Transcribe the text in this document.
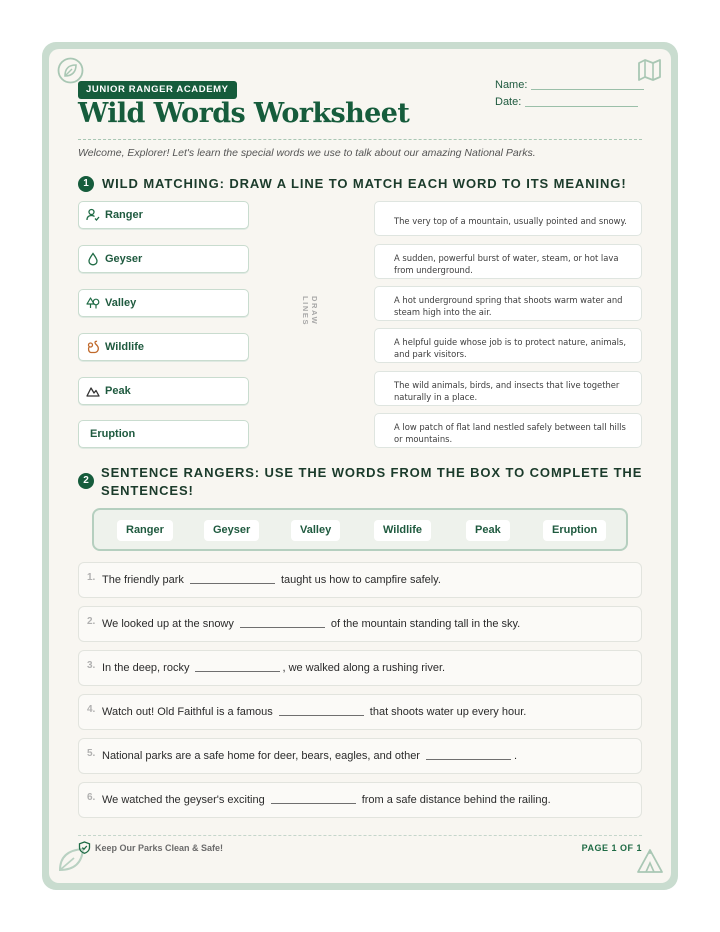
JUNIOR RANGER ACADEMY
Wild Words Worksheet
Name:
Date:
Welcome, Explorer! Let's learn the special words we use to talk about our amazing National Parks.
1	WILD MATCHING: DRAW A LINE TO MATCH EACH WORD TO ITS MEANING!
Ranger
Geyser
Valley
Wildlife
Peak
Eruption
DRAW LINES
The very top of a mountain, usually pointed and snowy.
A sudden, powerful burst of water, steam, or hot lava from underground.
A hot underground spring that shoots warm water and steam high into the air.
A helpful guide whose job is to protect nature, animals, and park visitors.
The wild animals, birds, and insects that live together naturally in a place.
A low patch of flat land nestled safely between tall hills or mountains.
2
SENTENCE RANGERS: USE THE WORDS FROM THE BOX TO COMPLETE THE
SENTENCES!
Ranger	Geyser	Valley	Wildlife	Peak	Eruption
1. The friendly park	taught us how to campfire safely.
2. We looked up at the snowy	of the mountain standing tall in the sky.
3. In the deep, rocky	, we walked along a rushing river.
4. Watch out! Old Faithful is a famous	that shoots water up every hour.
5. National parks are a safe home for deer, bears, eagles, and other	.
6. We watched the geyser's exciting	from a safe distance behind the railing.
Keep Our Parks Clean & Safe!	PAGE 1 OF 1
